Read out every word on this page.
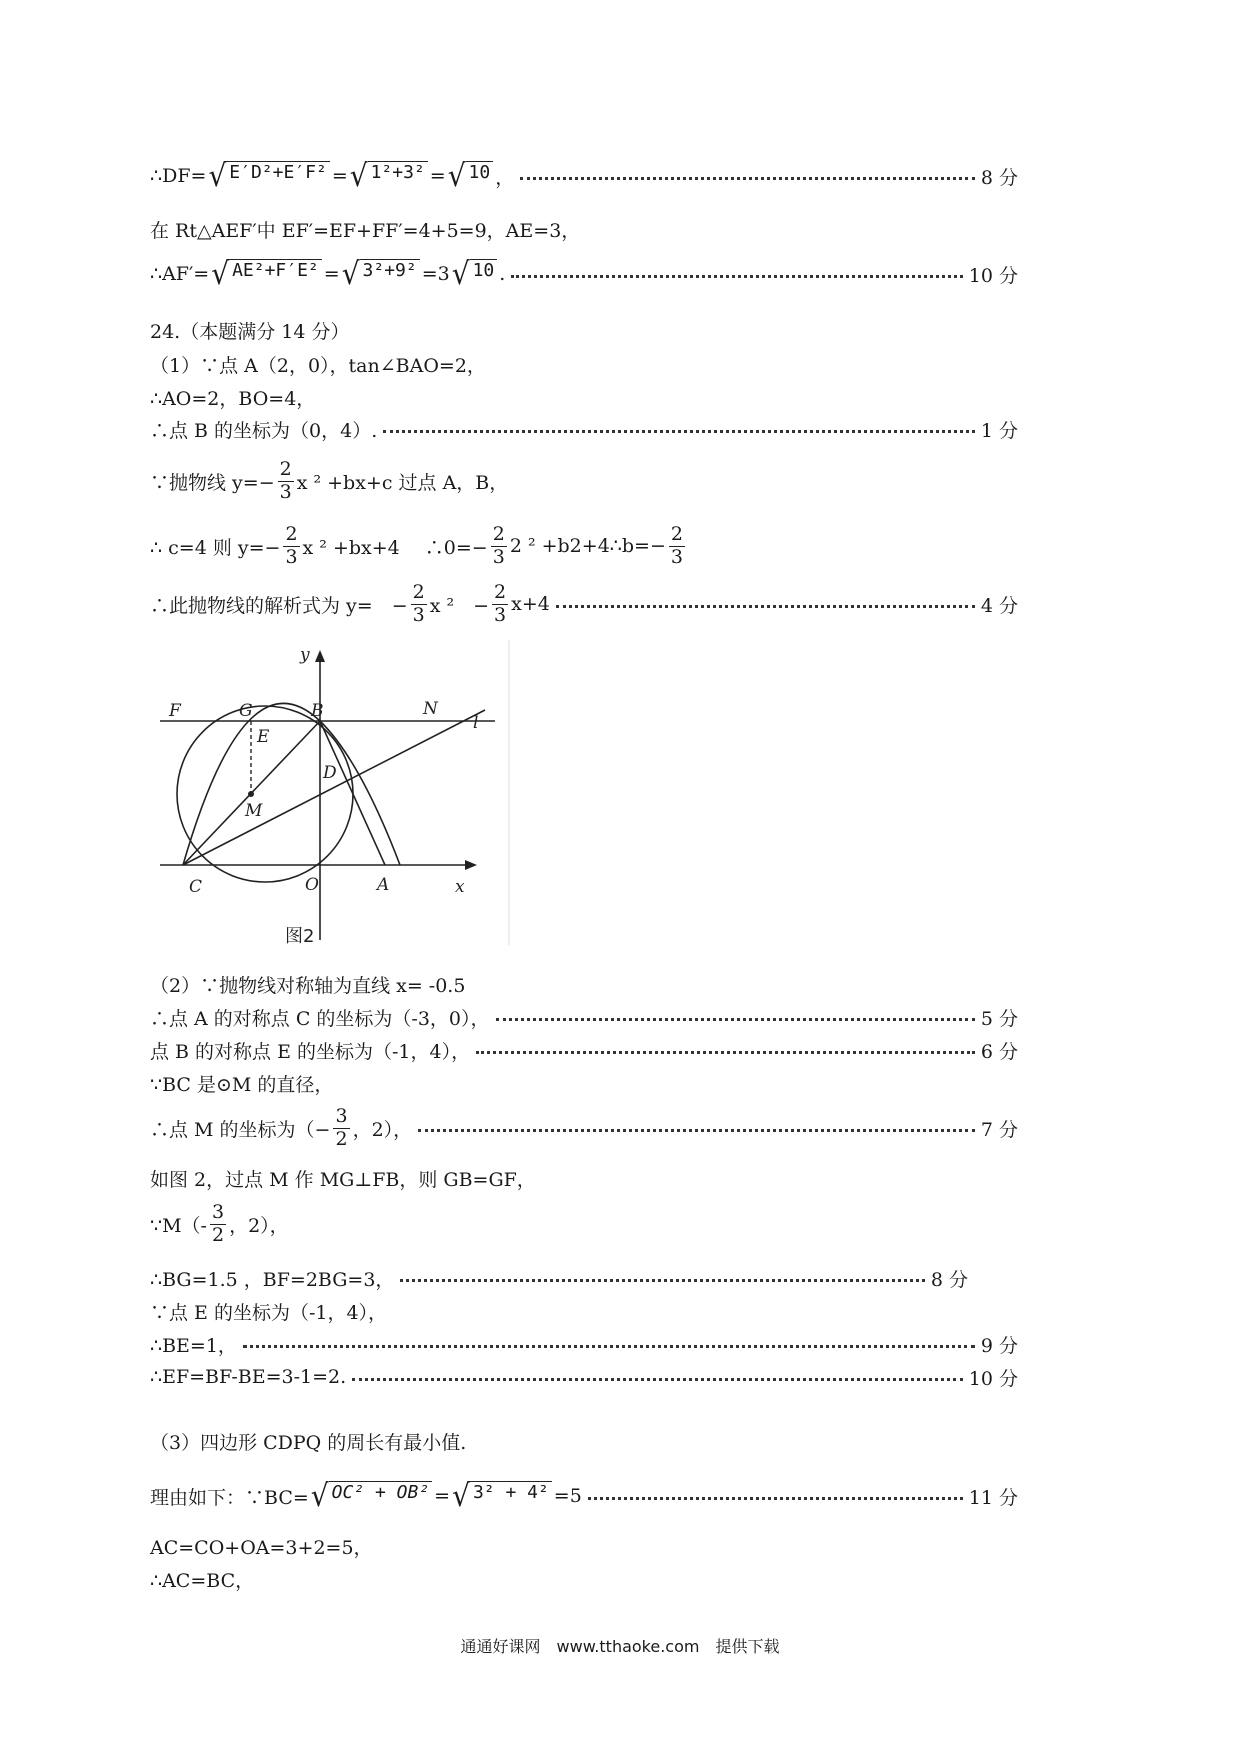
∴DF= √ E′D²+E′F² = √ 1²+3² = √ 10 ，	8 分
在 Rt△AEF′中 EF′=EF+FF′=4+5=9，AE=3，
∴AF′= √ AE²+F′E² = √ 3²+9² =3 √ 10 .	10 分
24.（本题满分 14 分）
（1）∵点 A（2，0），tan∠BAO=2，
∴AO=2，BO=4，
∴点 B 的坐标为（0，4）.	1 分
∵抛物线 $y=- \frac{2}{3}$ x ² +bx+c 过点 A，B，
∴ c=4 则 $y=- \frac{2}{3}$ x ² +bx+4　 ∴0=− $\frac{2}{3} 2$ ² +b2+4∴b=− $\frac{2}{3}$
∴此抛物线的解析式为 y=　− $\frac{2}{3}$ x ²　− $\frac{2}{3} x+4$	4 分
y
F	G	B	N
l
E
M
D
C	O	A	x
图2
（2）∵抛物线对称轴为直线 x= -0.5
∴点 A 的对称点 C 的坐标为（-3，0），	5 分
点 B 的对称点 E 的坐标为（-1，4），	6 分
∵BC 是⊙M 的直径，
∴点 M 的坐标为（− $\frac{3}{2}$ ，2），	7 分
如图 2，过点 M 作 MG⊥FB，则 GB=GF，
∵M（- $\frac{3}{2}$ ，2），
∴BG=1.5 ，BF=2BG=3，	8 分
∵点 E 的坐标为（-1，4），
∴BE=1，	9 分
∴EF=BF-BE=3-1=2.	10 分
（3）四边形 CDPQ 的周长有最小值.
理由如下：∵BC= √ OC² + OB² = √ 3² + 4² =5	11 分
AC=CO+OA=3+2=5，
∴AC=BC，
通通好课网　www.tthaoke.com　提供下载
